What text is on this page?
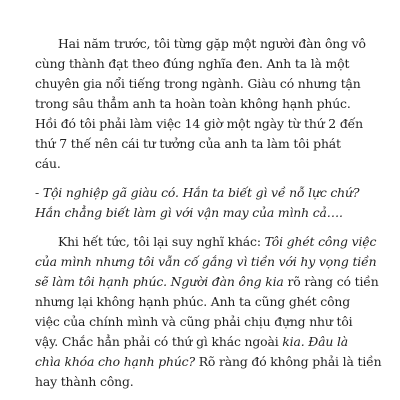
Hai năm trước, tôi từng gặp một người đàn ông vô
cùng thành đạt theo đúng nghĩa đen. Anh ta là một
chuyên gia nổi tiếng trong ngành. Giàu có nhưng tận
trong sâu thẳm anh ta hoàn toàn không hạnh phúc.
Hồi đó tôi phải làm việc 14 giờ một ngày từ thứ 2 đến
thứ 7 thế nên cái tư tưởng của anh ta làm tôi phát
cáu.

- Tội nghiệp gã giàu có. Hắn ta biết gì về nỗ lực chứ?
Hắn chẳng biết làm gì với vận may của mình cả….

Khi hết tức, tôi lại suy nghĩ khác: Tôi ghét công việc
của mình nhưng tôi vẫn cố gắng vì tiền với hy vọng tiền
sẽ làm tôi hạnh phúc. Người đàn ông kia rõ ràng có tiền
nhưng lại không hạnh phúc. Anh ta cũng ghét công
việc của chính mình và cũng phải chịu đựng như tôi
vậy. Chắc hẳn phải có thứ gì khác ngoài kia. Đâu là
chìa khóa cho hạnh phúc? Rõ ràng đó không phải là tiền
hay thành công.
